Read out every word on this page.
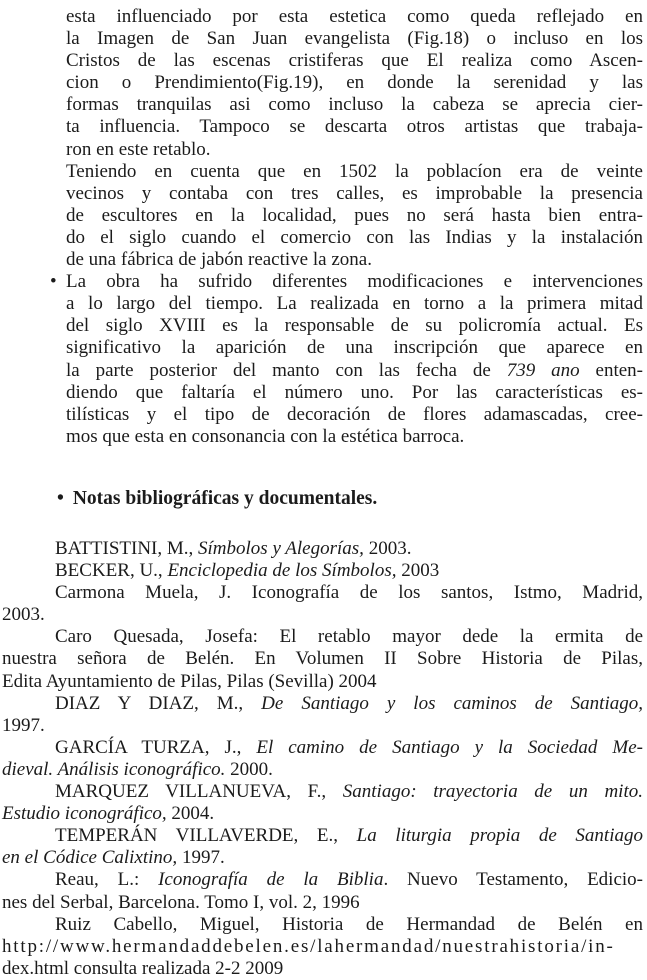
esta influenciado por esta estetica como queda reflejado en
la Imagen de San Juan evangelista (Fig.18) o incluso en los
Cristos de las escenas cristiferas que El realiza como Ascen-
cion o Prendimiento(Fig.19), en donde la serenidad y las
formas tranquilas asi como incluso la cabeza se aprecia cier-
ta influencia. Tampoco se descarta otros artistas que trabaja-
ron en este retablo.
Teniendo en cuenta que en 1502 la poblacíon era de veinte
vecinos y contaba con tres calles, es improbable la presencia
de escultores en la localidad, pues no será hasta bien entra-
do el siglo cuando el comercio con las Indias y la instalación
de una fábrica de jabón reactive la zona.
• La obra ha sufrido diferentes modificaciones e intervenciones
a lo largo del tiempo. La realizada en torno a la primera mitad
del siglo XVIII es la responsable de su policromía actual. Es
significativo la aparición de una inscripción que aparece en
la parte posterior del manto con las fecha de 739 ano enten-
diendo que faltaría el número uno. Por las características es-
tilísticas y el tipo de decoración de flores adamascadas, cree-
mos que esta en consonancia con la estética barroca.
• Notas bibliográficas y documentales.
BATTISTINI, M., Símbolos y Alegorías, 2003.
BECKER, U., Enciclopedia de los Símbolos, 2003
Carmona Muela, J. Iconografía de los santos, Istmo, Madrid,
2003.
Caro Quesada, Josefa: El retablo mayor dede la ermita de
nuestra señora de Belén. En Volumen II Sobre Historia de Pilas,
Edita Ayuntamiento de Pilas, Pilas (Sevilla) 2004
DIAZ Y DIAZ, M., De Santiago y los caminos de Santiago,
1997.
GARCÍA TURZA, J., El camino de Santiago y la Sociedad Me-
dieval. Análisis iconográfico. 2000.
MARQUEZ VILLANUEVA, F., Santiago: trayectoria de un mito.
Estudio iconográfico, 2004.
TEMPERÁN VILLAVERDE, E., La liturgia propia de Santiago
en el Códice Calixtino, 1997.
Reau, L.: Iconografía de la Biblia. Nuevo Testamento, Edicio-
nes del Serbal, Barcelona. Tomo I, vol. 2, 1996
Ruiz Cabello, Miguel, Historia de Hermandad de Belén en
http://www.hermandaddebelen.es/lahermandad/nuestrahistoria/in-
dex.html consulta realizada 2-2 2009
